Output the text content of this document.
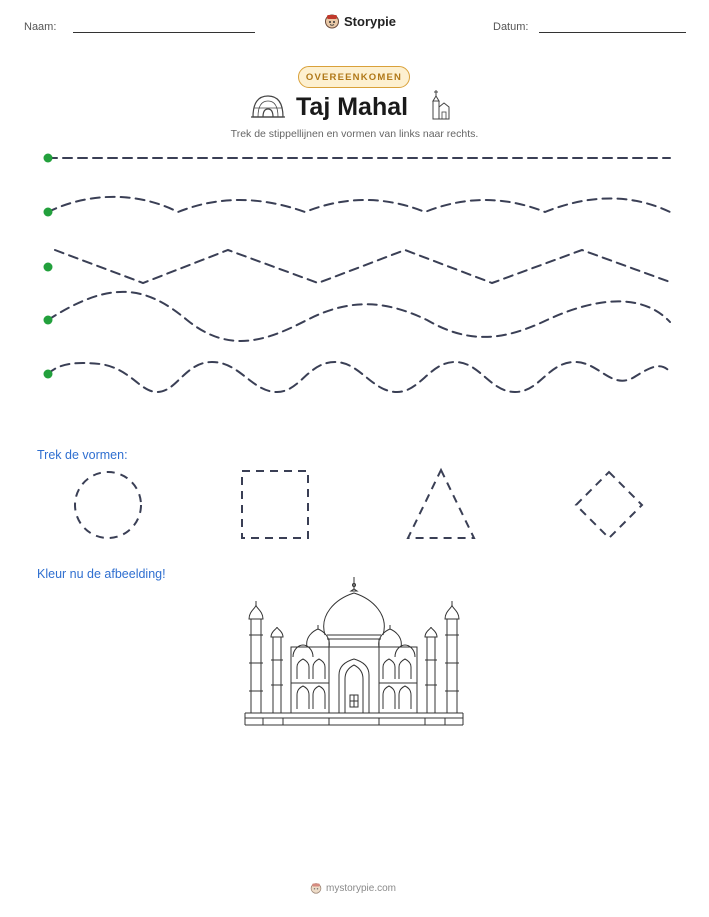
Naam:	Storypie	Datum:
OVEREENKOMEN
Taj Mahal
Trek de stippellijnen en vormen van links naar rechts.
Trek de vormen:
Kleur nu de afbeelding!
mystorypie.com
